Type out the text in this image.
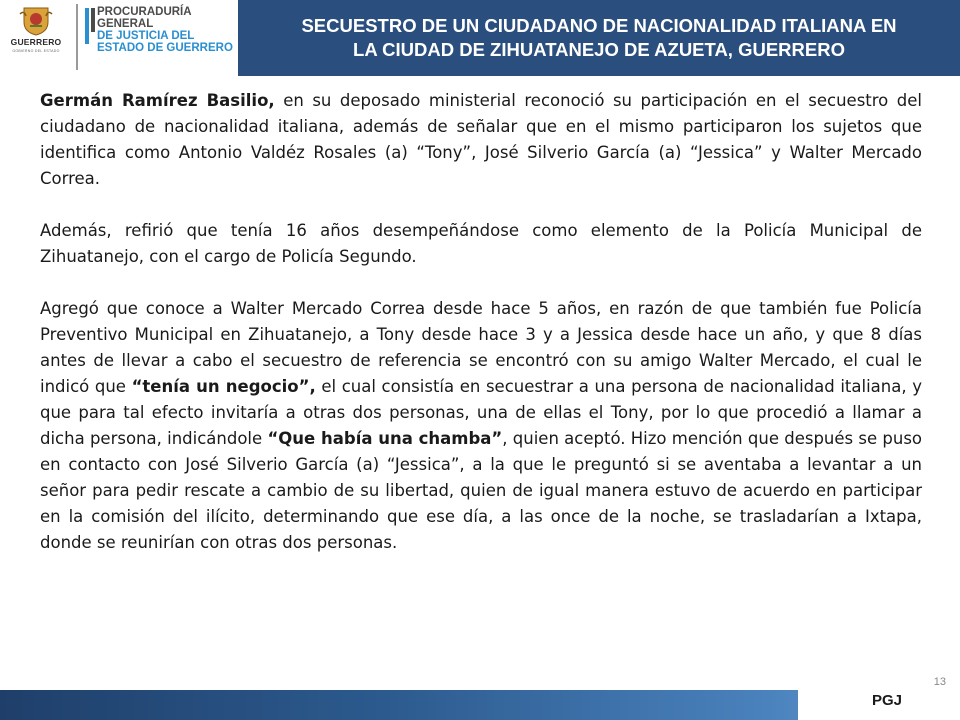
GUERRERO
GOBIERNO DEL ESTADO
PROCURADURÍA GENERAL
DE JUSTICIA DEL
ESTADO DE GUERRERO
SECUESTRO DE UN CIUDADANO DE NACIONALIDAD ITALIANA EN
LA CIUDAD DE ZIHUATANEJO DE AZUETA, GUERRERO

Germán Ramírez Basilio, en su deposado ministerial reconoció su participación en el secuestro del ciudadano de nacionalidad italiana, además de señalar que en el mismo participaron los sujetos que identifica como Antonio Valdéz Rosales (a) “Tony”, José Silverio García (a) “Jessica” y Walter Mercado Correa.

Además, refirió que tenía 16 años desempeñándose como elemento de la Policía Municipal de Zihuatanejo, con el cargo de Policía Segundo.

Agregó que conoce a Walter Mercado Correa desde hace 5 años, en razón de que también fue Policía Preventivo Municipal en Zihuatanejo, a Tony desde hace 3 y a Jessica desde hace un año, y que 8 días antes de llevar a cabo el secuestro de referencia se encontró con su amigo Walter Mercado, el cual le indicó que “tenía un negocio”, el cual consistía en secuestrar a una persona de nacionalidad italiana, y que para tal efecto invitaría a otras dos personas, una de ellas el Tony, por lo que procedió a llamar a dicha persona, indicándole “Que había una chamba”, quien aceptó. Hizo mención que después se puso en contacto con José Silverio García (a) “Jessica”, a la que le preguntó si se aventaba a levantar a un señor para pedir rescate a cambio de su libertad, quien de igual manera estuvo de acuerdo en participar en la comisión del ilícito, determinando que ese día, a las once de la noche, se trasladarían a Ixtapa, donde se reunirían con otras dos personas.

13
PGJ
